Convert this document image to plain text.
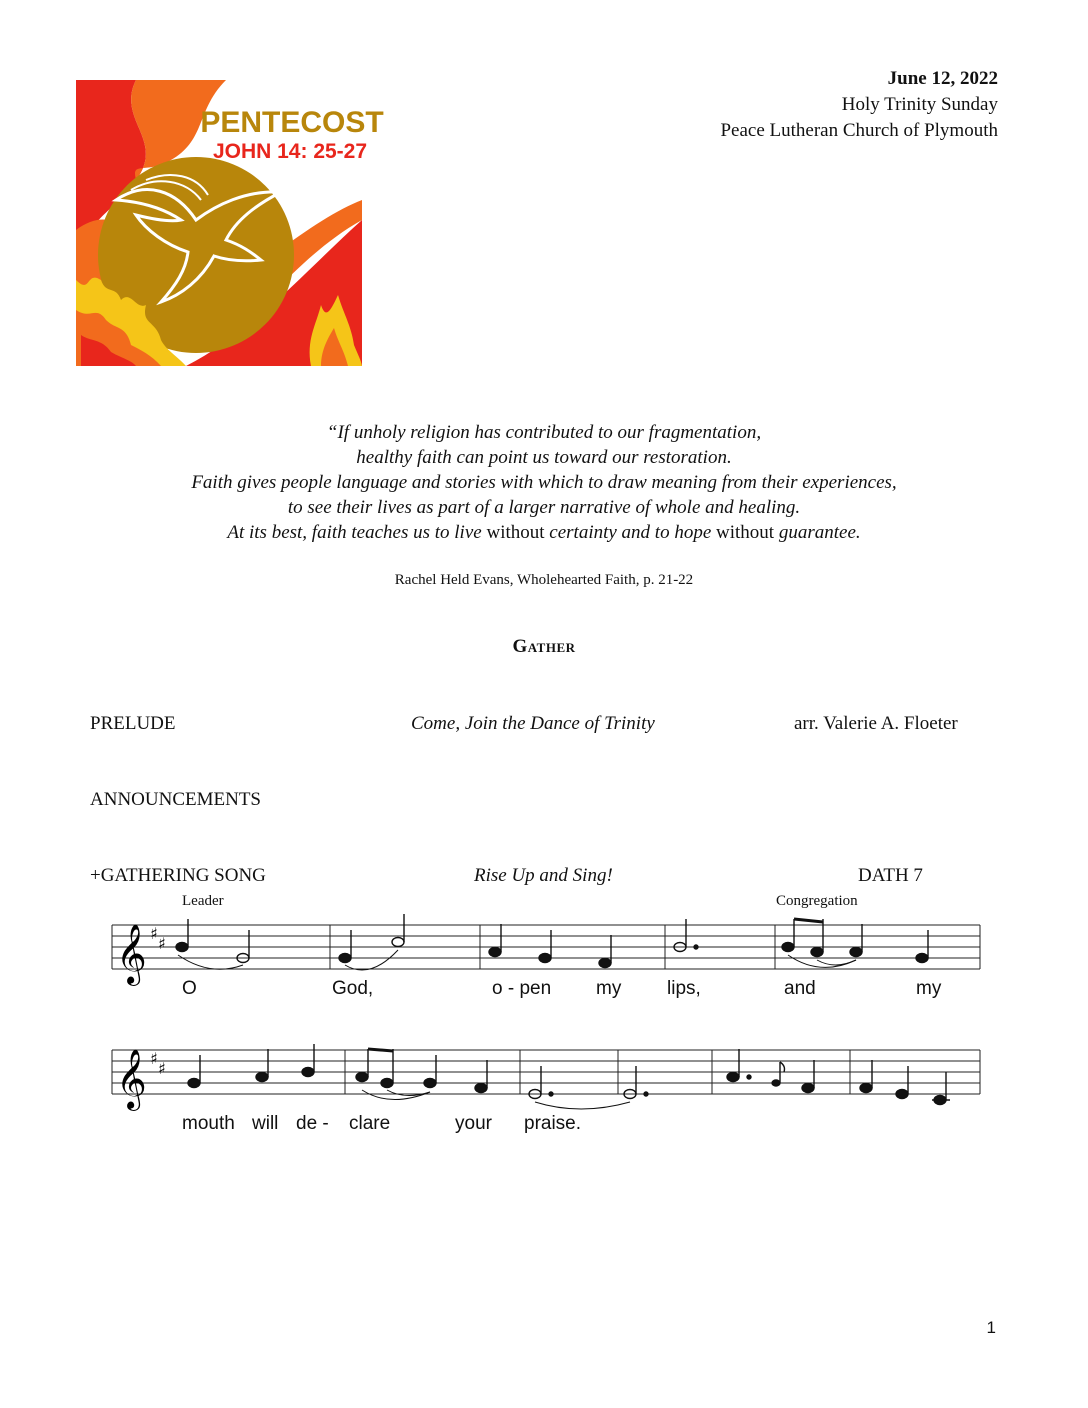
June 12, 2022
Holy Trinity Sunday
Peace Lutheran Church of Plymouth
PENTECOST
JOHN 14: 25-27
“If unholy religion has contributed to our fragmentation,
healthy faith can point us toward our restoration.
Faith gives people language and stories with which to draw meaning from their experiences,
to see their lives as part of a larger narrative of whole and healing.
At its best, faith teaches us to live without certainty and to hope without guarantee.
Rachel Held Evans, Wholehearted Faith, p. 21-22
Gather
PRELUDE	Come, Join the Dance of Trinity	arr. Valerie A. Floeter
ANNOUNCEMENTS
+GATHERING SONG	Rise Up and Sing!	DATH 7
Leader	Congregation
𝄞 ♯
♯
O	God,	o - pen my lips,	and	my
𝄞 ♯
♯
mouth will de - clare	your praise.
1
